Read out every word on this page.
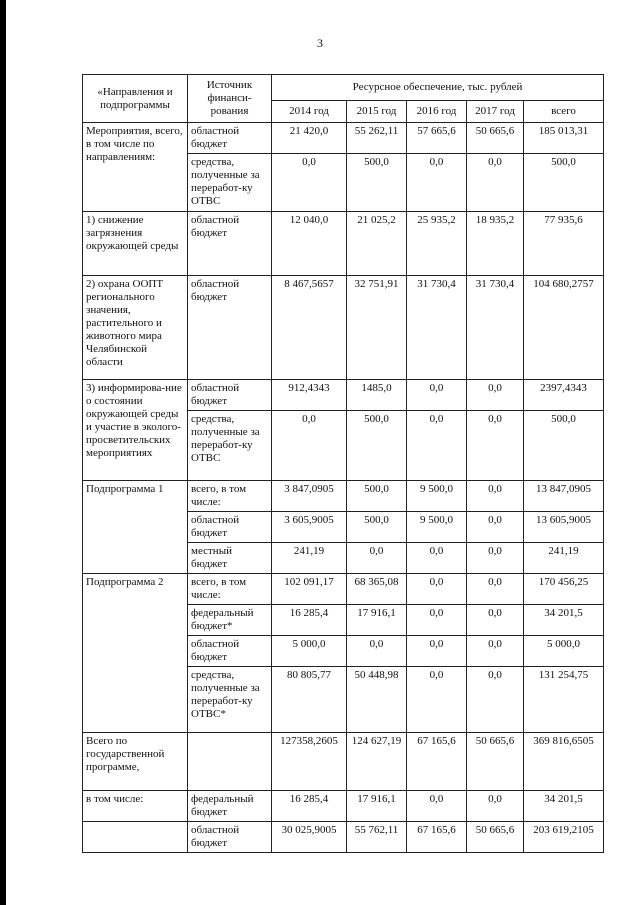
3
«Направления и подпрограммы	Источник финанси-рования	Ресурсное обеспечение, тыс. рублей				
		2014 год	2015 год	2016 год	2017 год	всего
Мероприятия, всего, в том числе по направлениям:	областной бюджет	21 420,0	55 262,11	57 665,6	50 665,6	185 013,31
	средства, полученные за переработ-ку ОТВС	0,0	500,0	0,0	0,0	500,0
1) снижение загрязнения окружающей среды	областной бюджет	12 040,0	21 025,2	25 935,2	18 935,2	77 935,6
2) охрана ООПТ регионального значения, растительного и животного мира Челябинской области	областной бюджет	8 467,5657	32 751,91	31 730,4	31 730,4	104 680,2757
3) информирова-ние о состоянии окружающей среды и участие в эколого-просветительских мероприятиях	областной бюджет	912,4343	1485,0	0,0	0,0	2397,4343
	средства, полученные за переработ-ку ОТВС	0,0	500,0	0,0	0,0	500,0
Подпрограмма 1	всего, в том числе:	3 847,0905	500,0	9 500,0	0,0	13 847,0905
	областной бюджет	3 605,9005	500,0	9 500,0	0,0	13 605,9005
	местный бюджет	241,19	0,0	0,0	0,0	241,19
Подпрограмма 2	всего, в том числе:	102 091,17	68 365,08	0,0	0,0	170 456,25
	федеральный бюджет*	16 285,4	17 916,1	0,0	0,0	34 201,5
	областной бюджет	5 000,0	0,0	0,0	0,0	5 000,0
	средства, полученные за переработ-ку ОТВС*	80 805,77	50 448,98	0,0	0,0	131 254,75
Всего по государственной программе,		127358,2605	124 627,19	67 165,6	50 665,6	369 816,6505
в том числе:	федеральный бюджет	16 285,4	17 916,1	0,0	0,0	34 201,5
	областной бюджет	30 025,9005	55 762,11	67 165,6	50 665,6	203 619,2105
